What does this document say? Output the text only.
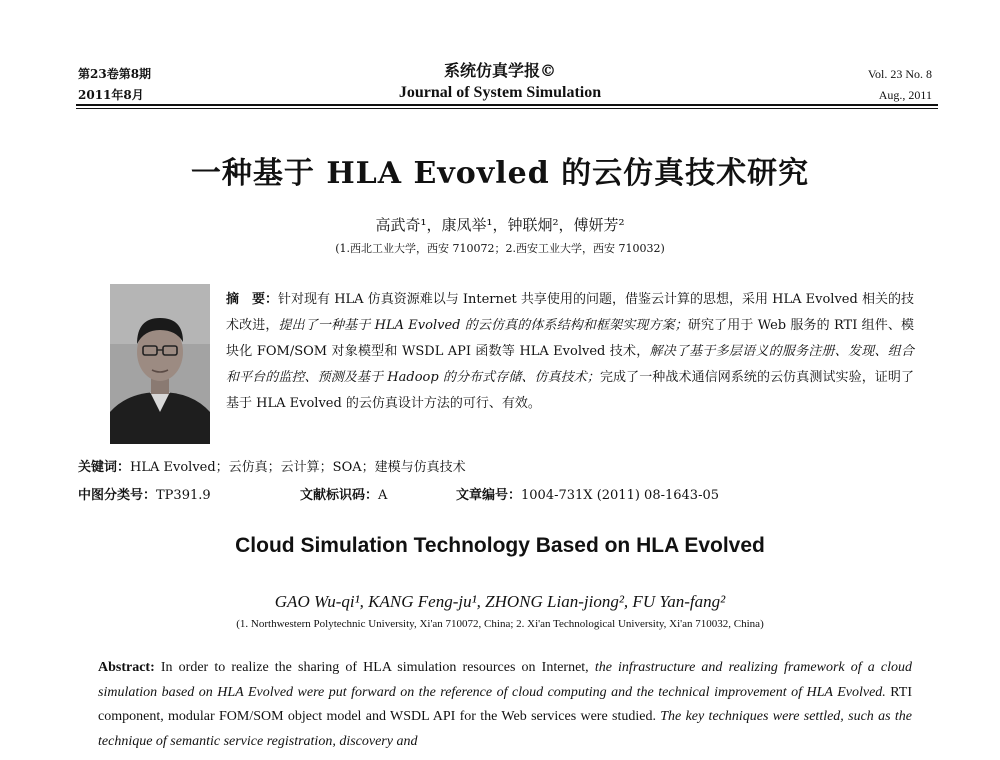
第23卷第8期
2011年8月
系统仿真学报©
Journal of System Simulation
Vol. 23 No. 8
Aug., 2011
一种基于 HLA Evovled 的云仿真技术研究
高武奇¹，康凤举¹，钟联炯²，傅妍芳²
(1.西北工业大学，西安 710072；2.西安工业大学，西安 710032)
摘　要：针对现有 HLA 仿真资源难以与 Internet 共享使用的问题，借鉴云计算的思想，采用 HLA Evolved 相关的技术改进，提出了一种基于 HLA Evolved 的云仿真的体系结构和框架实现方案；研究了用于 Web 服务的 RTI 组件、模块化 FOM/SOM 对象模型和 WSDL API 函数等 HLA Evolved 技术，解决了基于多层语义的服务注册、发现、组合和平台的监控、预测及基于 Hadoop 的分布式存储、仿真技术；完成了一种战术通信网系统的云仿真测试实验，证明了基于 HLA Evolved 的云仿真设计方法的可行、有效。
关键词：HLA Evolved；云仿真；云计算；SOA；建模与仿真技术
中图分类号：TP391.9	文献标识码：A	文章编号：1004-731X (2011) 08-1643-05
Cloud Simulation Technology Based on HLA Evolved
GAO Wu-qi¹, KANG Feng-ju¹, ZHONG Lian-jiong², FU Yan-fang²
(1. Northwestern Polytechnic University, Xi'an 710072, China; 2. Xi'an Technological University, Xi'an 710032, China)
Abstract: In order to realize the sharing of HLA simulation resources on Internet, the infrastructure and realizing framework of a cloud simulation based on HLA Evolved were put forward on the reference of cloud computing and the technical improvement of HLA Evolved. RTI component, modular FOM/SOM object model and WSDL API for the Web services were studied. The key techniques were settled, such as the technique of semantic service registration, discovery and
